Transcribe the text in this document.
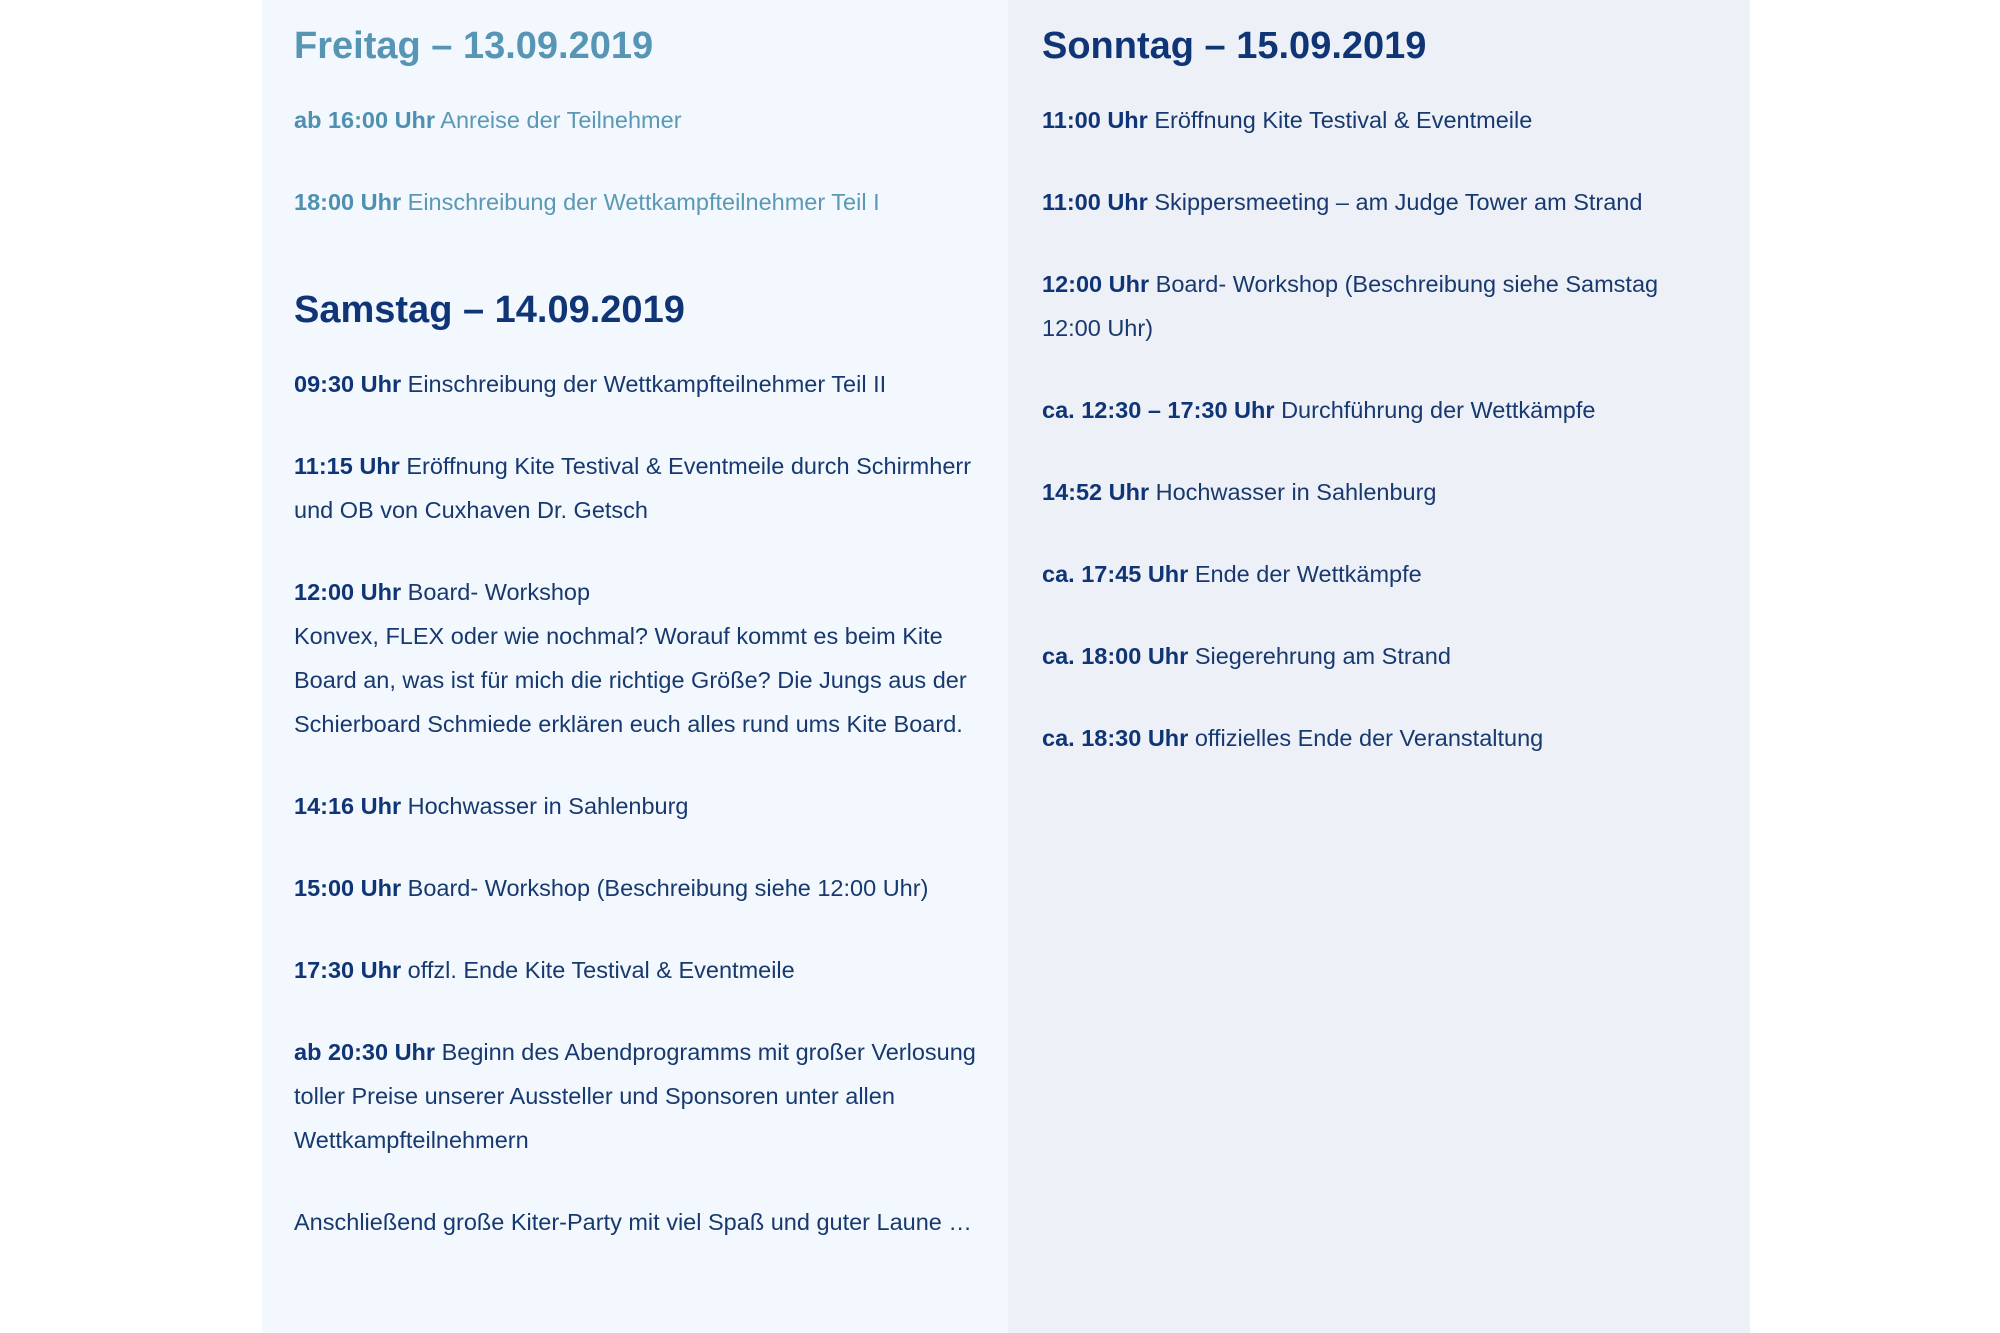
Freitag – 13.09.2019
ab 16:00 Uhr Anreise der Teilnehmer
18:00 Uhr Einschreibung der Wettkampfteilnehmer Teil I
Samstag – 14.09.2019
09:30 Uhr Einschreibung der Wettkampfteilnehmer Teil II
11:15 Uhr Eröffnung Kite Testival & Eventmeile durch Schirmherr und OB von Cuxhaven Dr. Getsch
12:00 Uhr Board- Workshop
Konvex, FLEX oder wie nochmal? Worauf kommt es beim Kite Board an, was ist für mich die richtige Größe? Die Jungs aus der Schierboard Schmiede erklären euch alles rund ums Kite Board.
14:16 Uhr Hochwasser in Sahlenburg
15:00 Uhr Board- Workshop (Beschreibung siehe 12:00 Uhr)
17:30 Uhr offzl. Ende Kite Testival & Eventmeile
ab 20:30 Uhr Beginn des Abendprogramms mit großer Verlosung toller Preise unserer Aussteller und Sponsoren unter allen Wettkampfteilnehmern
Anschließend große Kiter-Party mit viel Spaß und guter Laune …
Sonntag – 15.09.2019
11:00 Uhr Eröffnung Kite Testival & Eventmeile
11:00 Uhr Skippersmeeting – am Judge Tower am Strand
12:00 Uhr Board- Workshop (Beschreibung siehe Samstag 12:00 Uhr)
ca. 12:30 – 17:30 Uhr Durchführung der Wettkämpfe
14:52 Uhr Hochwasser in Sahlenburg
ca. 17:45 Uhr Ende der Wettkämpfe
ca. 18:00 Uhr Siegerehrung am Strand
ca. 18:30 Uhr offizielles Ende der Veranstaltung
